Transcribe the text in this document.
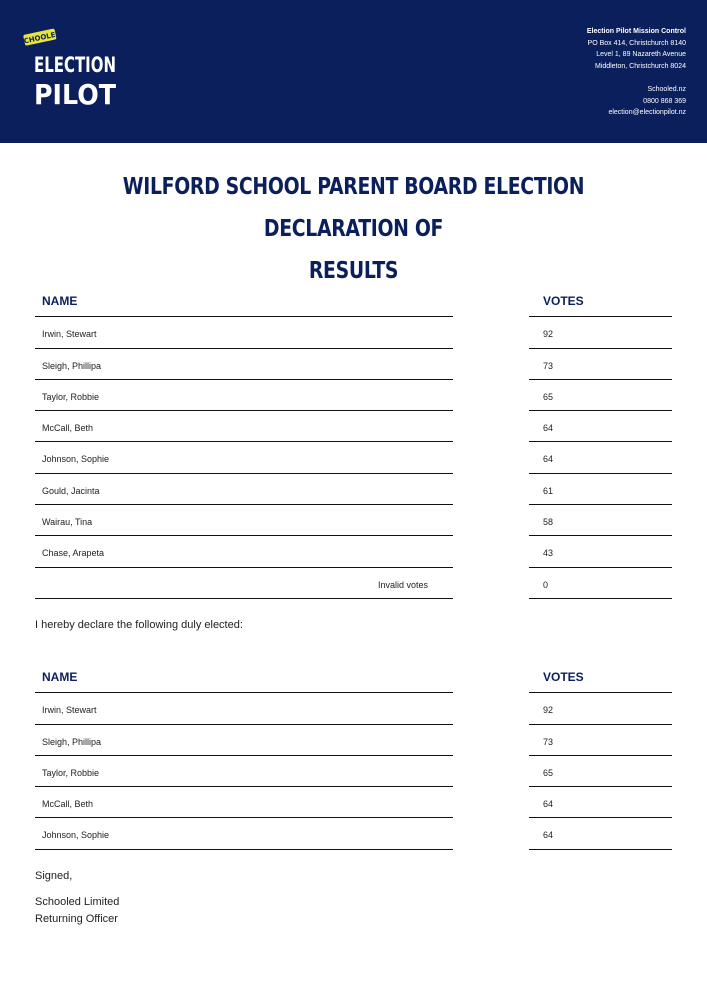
SCHOOLED
ELECTION
PILOT
Election Pilot Mission Control
PO Box 414, Christchurch 8140
Level 1, 89 Nazareth Avenue
Middleton, Christchurch 8024
Schooled.nz
0800 868 369
election@electionpilot.nz
WILFORD SCHOOL PARENT BOARD ELECTION DECLARATION OF
RESULTS
NAME	VOTES
Irwin, Stewart	92
Sleigh, Phillipa	73
Taylor, Robbie	65
McCall, Beth	64
Johnson, Sophie	64
Gould, Jacinta	61
Wairau, Tina	58
Chase, Arapeta	43
Invalid votes	0
I hereby declare the following duly elected:
NAME	VOTES
Irwin, Stewart	92
Sleigh, Phillipa	73
Taylor, Robbie	65
McCall, Beth	64
Johnson, Sophie	64
Signed,
Schooled Limited
Returning Officer
